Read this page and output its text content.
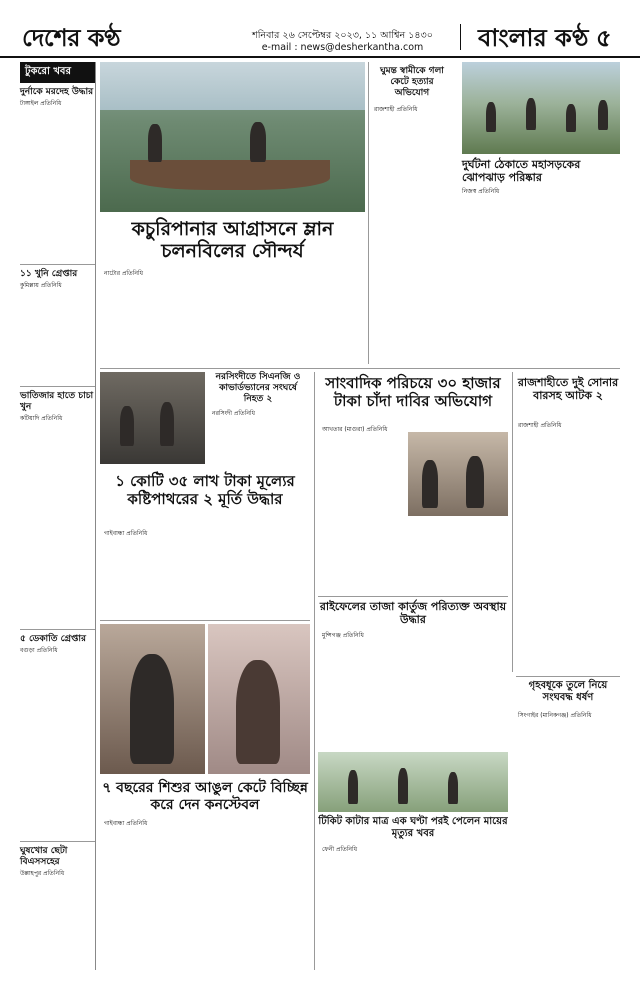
দেশের কণ্ঠ	শনিবার ২৬ সেপ্টেম্বর ২০২৩, ১১ আশ্বিন ১৪৩০
e-mail : news@desherkantha.com	বাংলার কণ্ঠ ৫
টুকরো খবর
দুর্নাকে মরদেহ উদ্ধার
টাঙ্গাইল প্রতিনিধি
১১ খুনি গ্রেপ্তার
কুমিল্লায় প্রতিনিধি
ভাতিজার হাতে চাচা খুন
কটিয়াদি প্রতিনিধি
৫ ডেকাতি গ্রেপ্তার
বগুড়া প্রতিনিধি
ঘুষখোর ছেটা বিএসসহের
উল্লাহপুর প্রতিনিধি
কচুরিপানার আগ্রাসনে ম্লান
চলনবিলের সৌন্দর্য
নাটোর প্রতিনিধি
ঘুমন্ত স্বামীকে গলা কেটে হত্যার অভিযোগ
রাজশাহী প্রতিনিধি
দুর্ঘটনা ঠেকাতে মহাসড়কের ঝোপঝাড় পরিষ্কার
নিজস্ব প্রতিনিধি
নরসিংদীতে সিএনজি ও কাভার্ডভ্যানের সংঘর্ষে নিহত ২
নরসিংদী প্রতিনিধি
১ কোটি ৩৫ লাখ টাকা মূল্যের কষ্টিপাথরের ২ মূর্তি উদ্ধার
গাইবান্ধা প্রতিনিধি
সাংবাদিক পরিচয়ে ৩০ হাজার টাকা চাঁদা দাবির অভিযোগ
আখতার (মাগুরা) প্রতিনিধি
রাজশাহীতে দুই সোনার বারসহ আটক ২
রাজশাহী প্রতিনিধি
রাইফেলের তাজা কার্তুজ পরিত্যক্ত অবস্থায় উদ্ধার
মুন্সিগঞ্জ প্রতিনিধি
গৃহবধূকে তুলে নিয়ে সংঘবদ্ধ ধর্ষণ
সিংগাইর (মানিকগঞ্জ) প্রতিনিধি
টিকিট কাটার মাত্র এক ঘণ্টা পরই পেলেন মায়ের মৃত্যুর খবর
ফেনী প্রতিনিধি
৭ বছরের শিশুর আঙুল কেটে বিচ্ছিন্ন করে দেন কনস্টেবল
গাইবান্ধা প্রতিনিধি
